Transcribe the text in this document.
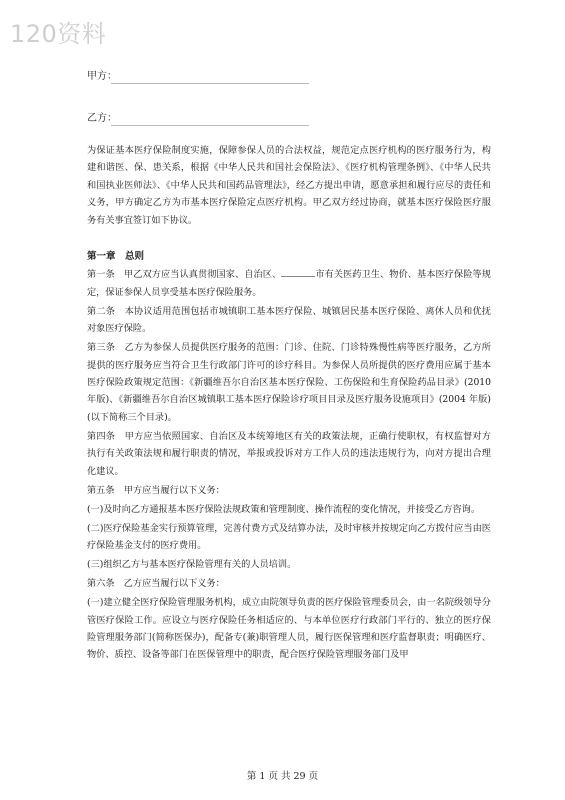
120资料
甲方：
乙方：

为保证基本医疗保险制度实施，保障参保人员的合法权益，规范定点医疗机构的医疗服务行为，构建和谐医、保、患关系，根据《中华人民共和国社会保险法》、《医疗机构管理条例》、《中华人民共和国执业医师法》、《中华人民共和国药品管理法》，经乙方提出申请，愿意承担和履行应尽的责任和义务，甲方确定乙方为市基本医疗保险定点医疗机构。甲乙双方经过协商，就基本医疗保险医疗服务有关事宜签订如下协议。

第一章　总则

第一条　甲乙双方应当认真贯彻国家、自治区、	市有关医药卫生、物价、基本医疗保险等规定，保证参保人员享受基本医疗保险服务。

第二条　本协议适用范围包括市城镇职工基本医疗保险、城镇居民基本医疗保险、离休人员和优抚对象医疗保险。

第三条　乙方为参保人员提供医疗服务的范围：门诊、住院、门诊特殊慢性病等医疗服务，乙方所提供的医疗服务应当符合卫生行政部门许可的诊疗科目。为参保人员所提供的医疗费用应属于基本医疗保险政策规定范围：《新疆维吾尔自治区基本医疗保险、工伤保险和生育保险药品目录》(2010 年版)、《新疆维吾尔自治区城镇职工基本医疗保险诊疗项目目录及医疗服务设施项目》(2004 年版) (以下简称三个目录)。

第四条　甲方应当依照国家、自治区及本统筹地区有关的政策法规，正确行使职权，有权监督对方执行有关政策法规和履行职责的情况，举报或投诉对方工作人员的违法违规行为，向对方提出合理化建议。

第五条　甲方应当履行以下义务：

(一)及时向乙方通报基本医疗保险法规政策和管理制度、操作流程的变化情况，并接受乙方咨询。

(二)医疗保险基金实行预算管理，完善付费方式及结算办法，及时审核并按规定向乙方拨付应当由医疗保险基金支付的医疗费用。

(三)组织乙方与基本医疗保险管理有关的人员培训。

第六条　乙方应当履行以下义务：

(一)建立健全医疗保险管理服务机构，成立由院领导负责的医疗保险管理委员会，由一名院级领导分管医疗保险工作。应设立与医疗保险任务相适应的、与本单位医疗行政部门平行的、独立的医疗保险管理服务部门(简称医保办)，配备专(兼)职管理人员，履行医保管理和医疗监督职责；明确医疗、物价、质控、设备等部门在医保管理中的职责，配合医疗保险管理服务部门及甲

第 1 页 共 29 页
